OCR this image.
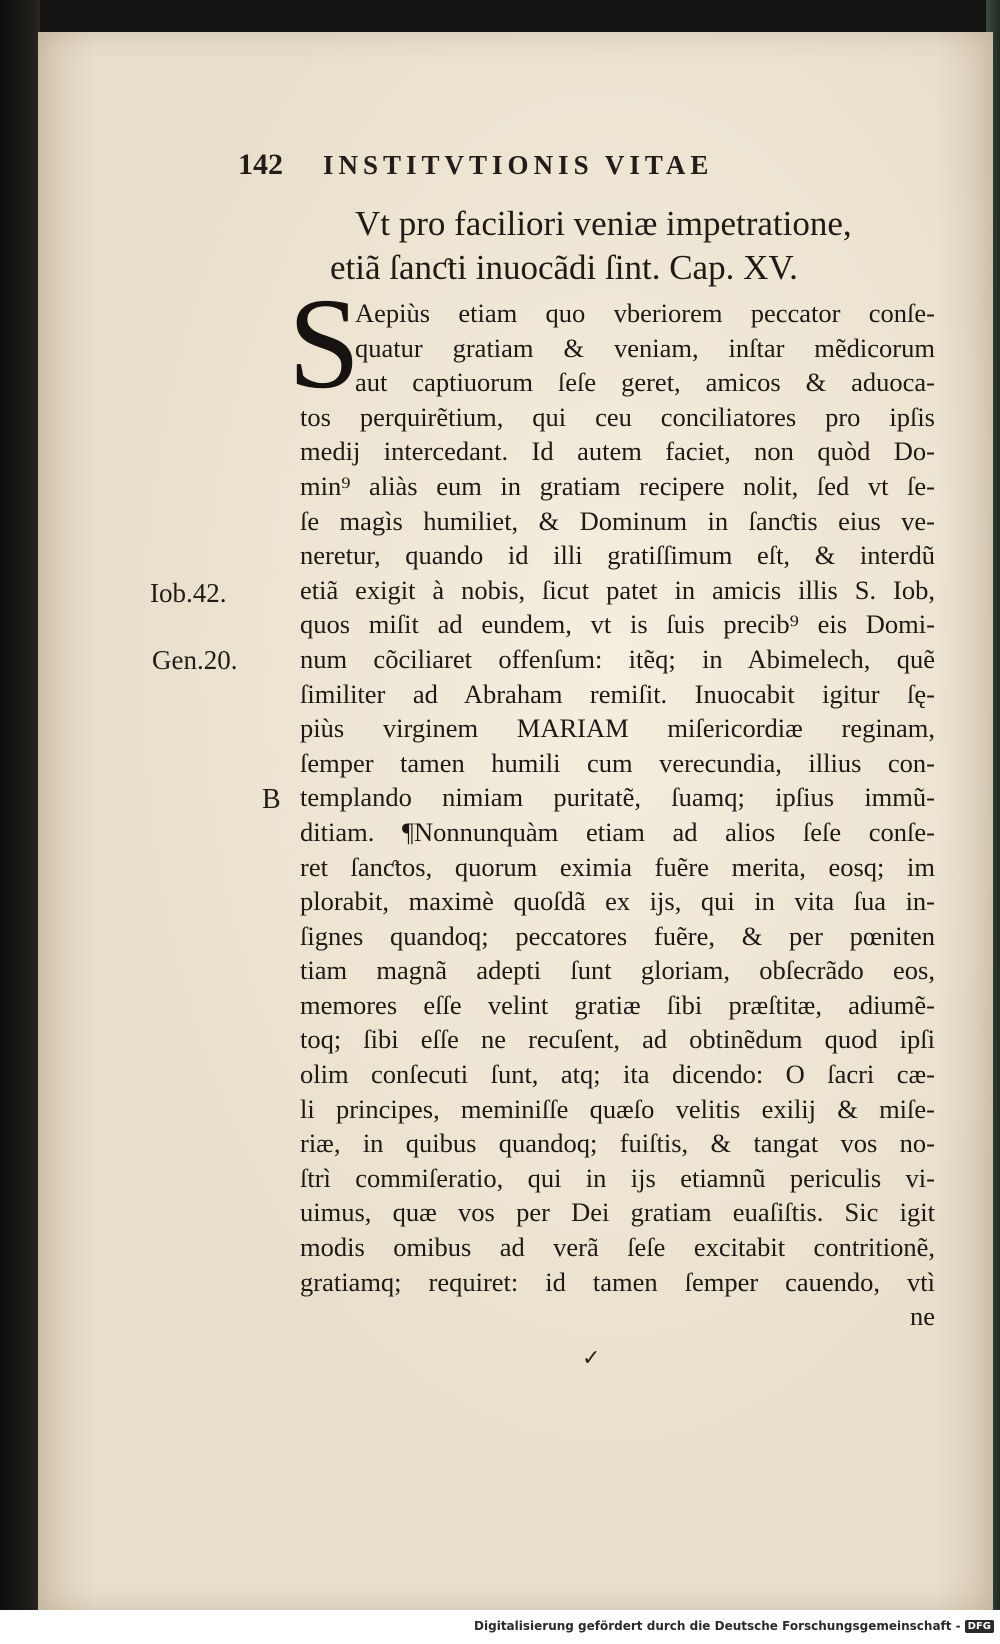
142 INSTITVTIONIS VITAE
Vt pro faciliori veniæ impetratione,
etiã ſanƈti inuocãdi ſint. Cap. XV.
S
Aepiùs etiam quo vberiorem peccator conſe-
quatur gratiam & veniam, inſtar mẽdicorum
aut captiuorum ſeſe geret, amicos & aduoca-
tos perquirẽtium, qui ceu conciliatores pro ipſis
medij intercedant. Id autem faciet, non quòd Do-
min⁹ aliàs eum in gratiam recipere nolit, ſed vt ſe-
ſe magìs humiliet, & Dominum in ſanƈtis eius ve-
neretur, quando id illi gratiſſimum eſt, & interdũ
etiã exigit à nobis, ſicut patet in amicis illis S. Iob,
quos miſit ad eundem, vt is ſuis precib⁹ eis Domi-
num cõciliaret offenſum: itẽq; in Abimelech, quẽ
ſimiliter ad Abraham remiſit. Inuocabit igitur ſę-
piùs virginem MARIAM miſericordiæ reginam,
ſemper tamen humili cum verecundia, illius con-
templando nimiam puritatẽ, ſuamq; ipſius immũ-
ditiam. ¶Nonnunquàm etiam ad alios ſeſe conſe-
ret ſanƈtos, quorum eximia fuẽre merita, eosq; im
plorabit, maximè quoſdã ex ijs, qui in vita ſua in-
ſignes quandoq; peccatores fuẽre, & per pœniten
tiam magnã adepti ſunt gloriam, obſecrãdo eos,
memores eſſe velint gratiæ ſibi præſtitæ, adiumẽ-
toq; ſibi eſſe ne recuſent, ad obtinẽdum quod ipſi
olim conſecuti ſunt, atq; ita dicendo: O ſacri cæ-
li principes, meminiſſe quæſo velitis exilij & miſe-
riæ, in quibus quandoq; fuiſtis, & tangat vos no-
ſtrì commiſeratio, qui in ijs etiamnũ periculis vi-
uimus, quæ vos per Dei gratiam euaſiſtis. Sic igit
modis omibus ad verã ſeſe excitabit contritionẽ,
gratiamq; requiret: id tamen ſemper cauendo, vtì
ne
Iob.42.
Gen.20.
B
✓
Digitalisierung gefördert durch die Deutsche Forschungsgemeinschaft - DFG
